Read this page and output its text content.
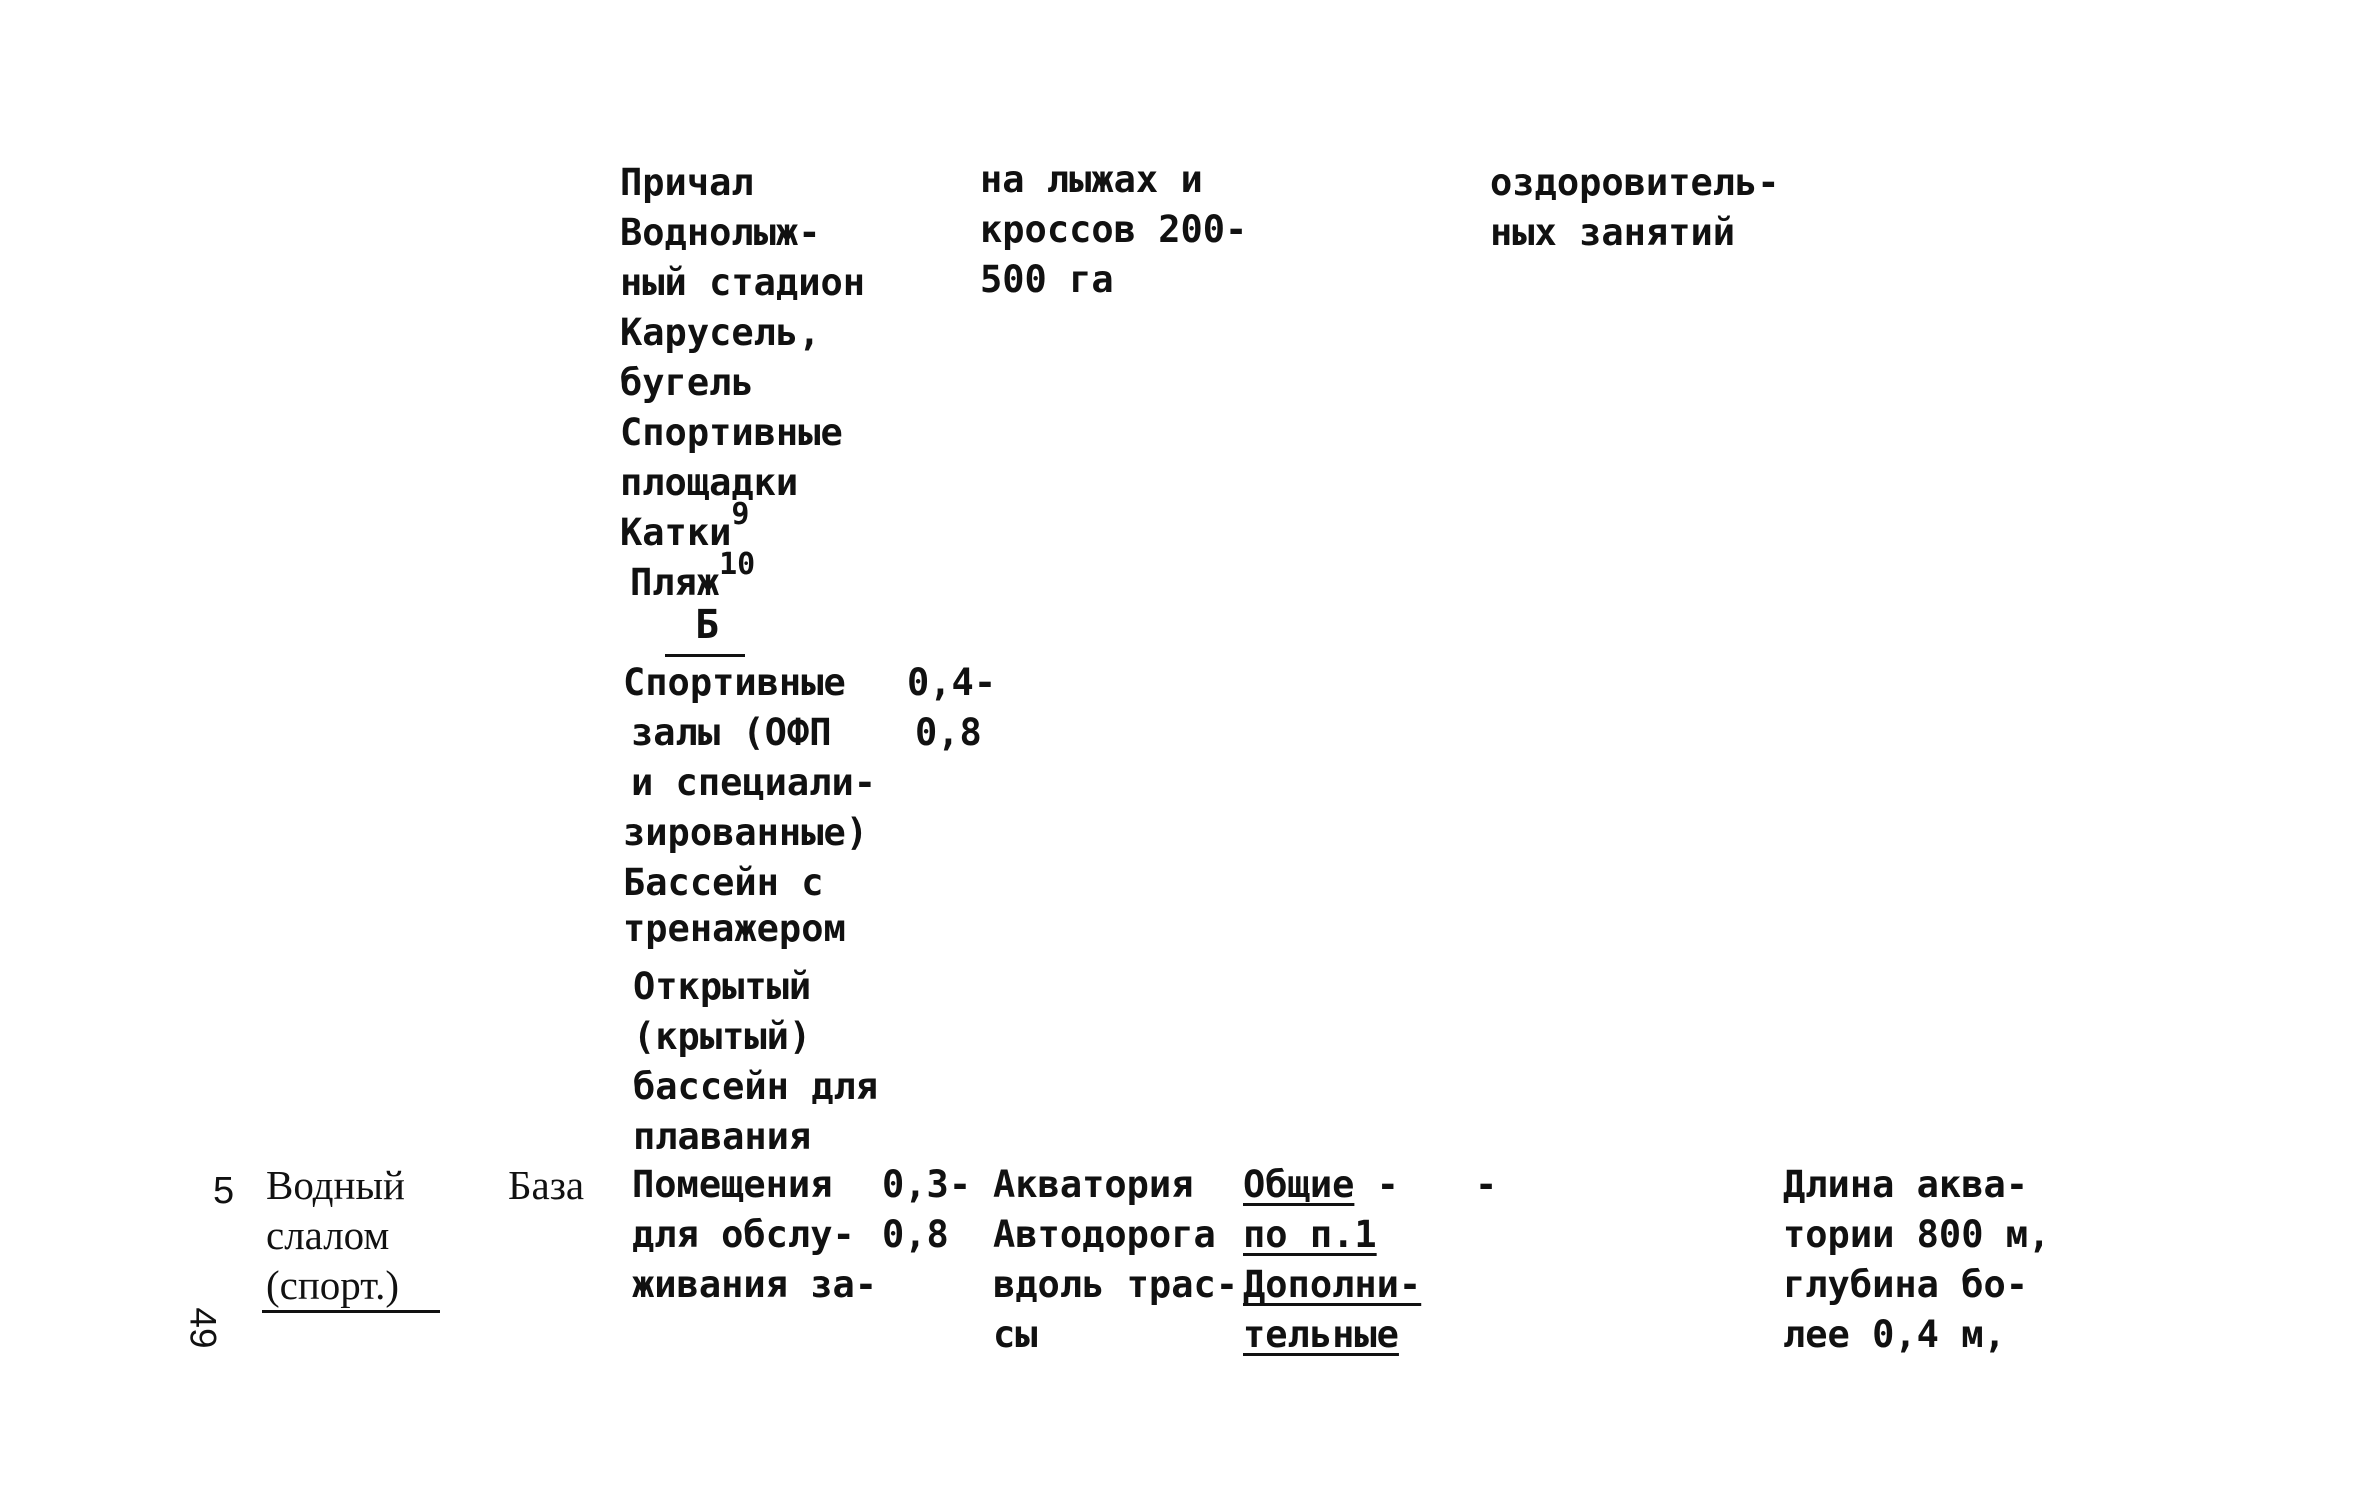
Причал
Воднолыж-
ный стадион
Карусель,
бугель
Спортивные
площадки
Катки$^9$
Пляж$^{10}$
на лыжах и
кроссов 200-
500 га
оздоровитель-
ных занятий
Б
Спортивные
залы (ОФП
и специали-
зированные)
Бассейн с
тренажером
Открытый
(крытый)
бассейн для
плавания
0,4-
0,8
5 Водный
слалом
(спорт.)
База Помещения
для обслу-
живания за-
0,3-
0,8
Акватория
Автодорога
вдоль трас-
сы
Общие -
по п.1
Дополни-
тельные
-	Длина аква-
тории 800 м,
глубина бо-
лее 0,4 м,
49
